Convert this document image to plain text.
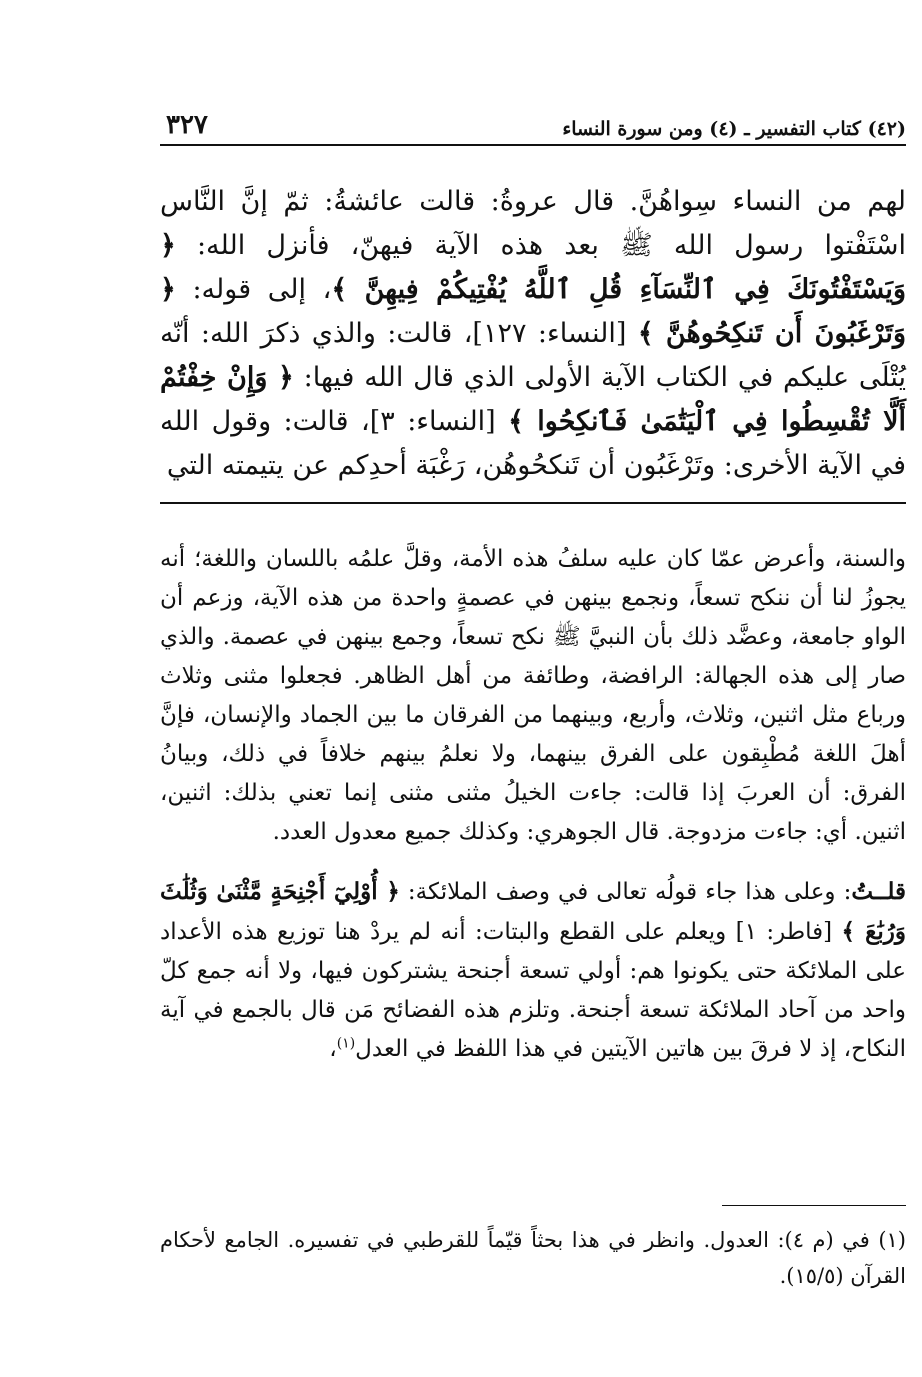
(٤٢) كتاب التفسير ـ (٤) ومن سورة النساء
٣٢٧

لهم من النساء سِواهُنَّ. قال عروةُ: قالت عائشةُ: ثمّ إنَّ النَّاس اسْتَفْتوا رسول الله ﷺ بعد هذه الآية فيهنّ، فأنزل الله: ﴿ وَيَسْتَفْتُونَكَ فِي ٱلنِّسَآءِ قُلِ ٱللَّهُ يُفْتِيكُمْ فِيهِنَّ ﴾، إلى قوله: ﴿ وَتَرْغَبُونَ أَن تَنكِحُوهُنَّ ﴾ [النساء: ١٢٧]، قالت: والذي ذكرَ الله: أنّه يُتْلَى عليكم في الكتاب الآية الأولى الذي قال الله فيها: ﴿ وَإِنْ خِفْتُمْ أَلَّا تُقْسِطُوا فِي ٱلْيَتَٰمَىٰ فَٱنكِحُوا ﴾ [النساء: ٣]، قالت: وقول الله في الآية الأخرى: وتَرْغَبُون أن تَنكحُوهُن، رَغْبَة أحدِكم عن يتيمته التي

والسنة، وأعرض عمّا كان عليه سلفُ هذه الأمة، وقلَّ علمُه باللسان واللغة؛ أنه يجوزُ لنا أن ننكح تسعاً، ونجمع بينهن في عصمةٍ واحدة من هذه الآية، وزعم أن الواو جامعة، وعضَّد ذلك بأن النبيَّ ﷺ نكح تسعاً، وجمع بينهن في عصمة. والذي صار إلى هذه الجهالة: الرافضة، وطائفة من أهل الظاهر. فجعلوا مثنى وثلاث ورباع مثل اثنين، وثلاث، وأربع، وبينهما من الفرقان ما بين الجماد والإنسان، فإنَّ أهلَ اللغة مُطْبِقون على الفرق بينهما، ولا نعلمُ بينهم خلافاً في ذلك، وبيانُ الفرق: أن العربَ إذا قالت: جاءت الخيلُ مثنى مثنى إنما تعني بذلك: اثنين، اثنين. أي: جاءت مزدوجة. قال الجوهري: وكذلك جميع معدول العدد.

قلــتُ: وعلى هذا جاء قولُه تعالى في وصف الملائكة: ﴿ أُوْلِيٓ أَجْنِحَةٍ مَّثْنَىٰ وَثُلَٰثَ وَرُبَٰعَ ﴾ [فاطر: ١] ويعلم على القطع والبتات: أنه لم يردْ هنا توزيع هذه الأعداد على الملائكة حتى يكونوا هم: أولي تسعة أجنحة يشتركون فيها، ولا أنه جمع كلّ واحد من آحاد الملائكة تسعة أجنحة. وتلزم هذه الفضائح مَن قال بالجمع في آية النكاح، إذ لا فرقَ بين هاتين الآيتين في هذا اللفظ في العدل$^{(١)}$،

(١) في (م ٤): العدول. وانظر في هذا بحثاً قيّماً للقرطبي في تفسيره. الجامع لأحكام القرآن (١٥/٥).
